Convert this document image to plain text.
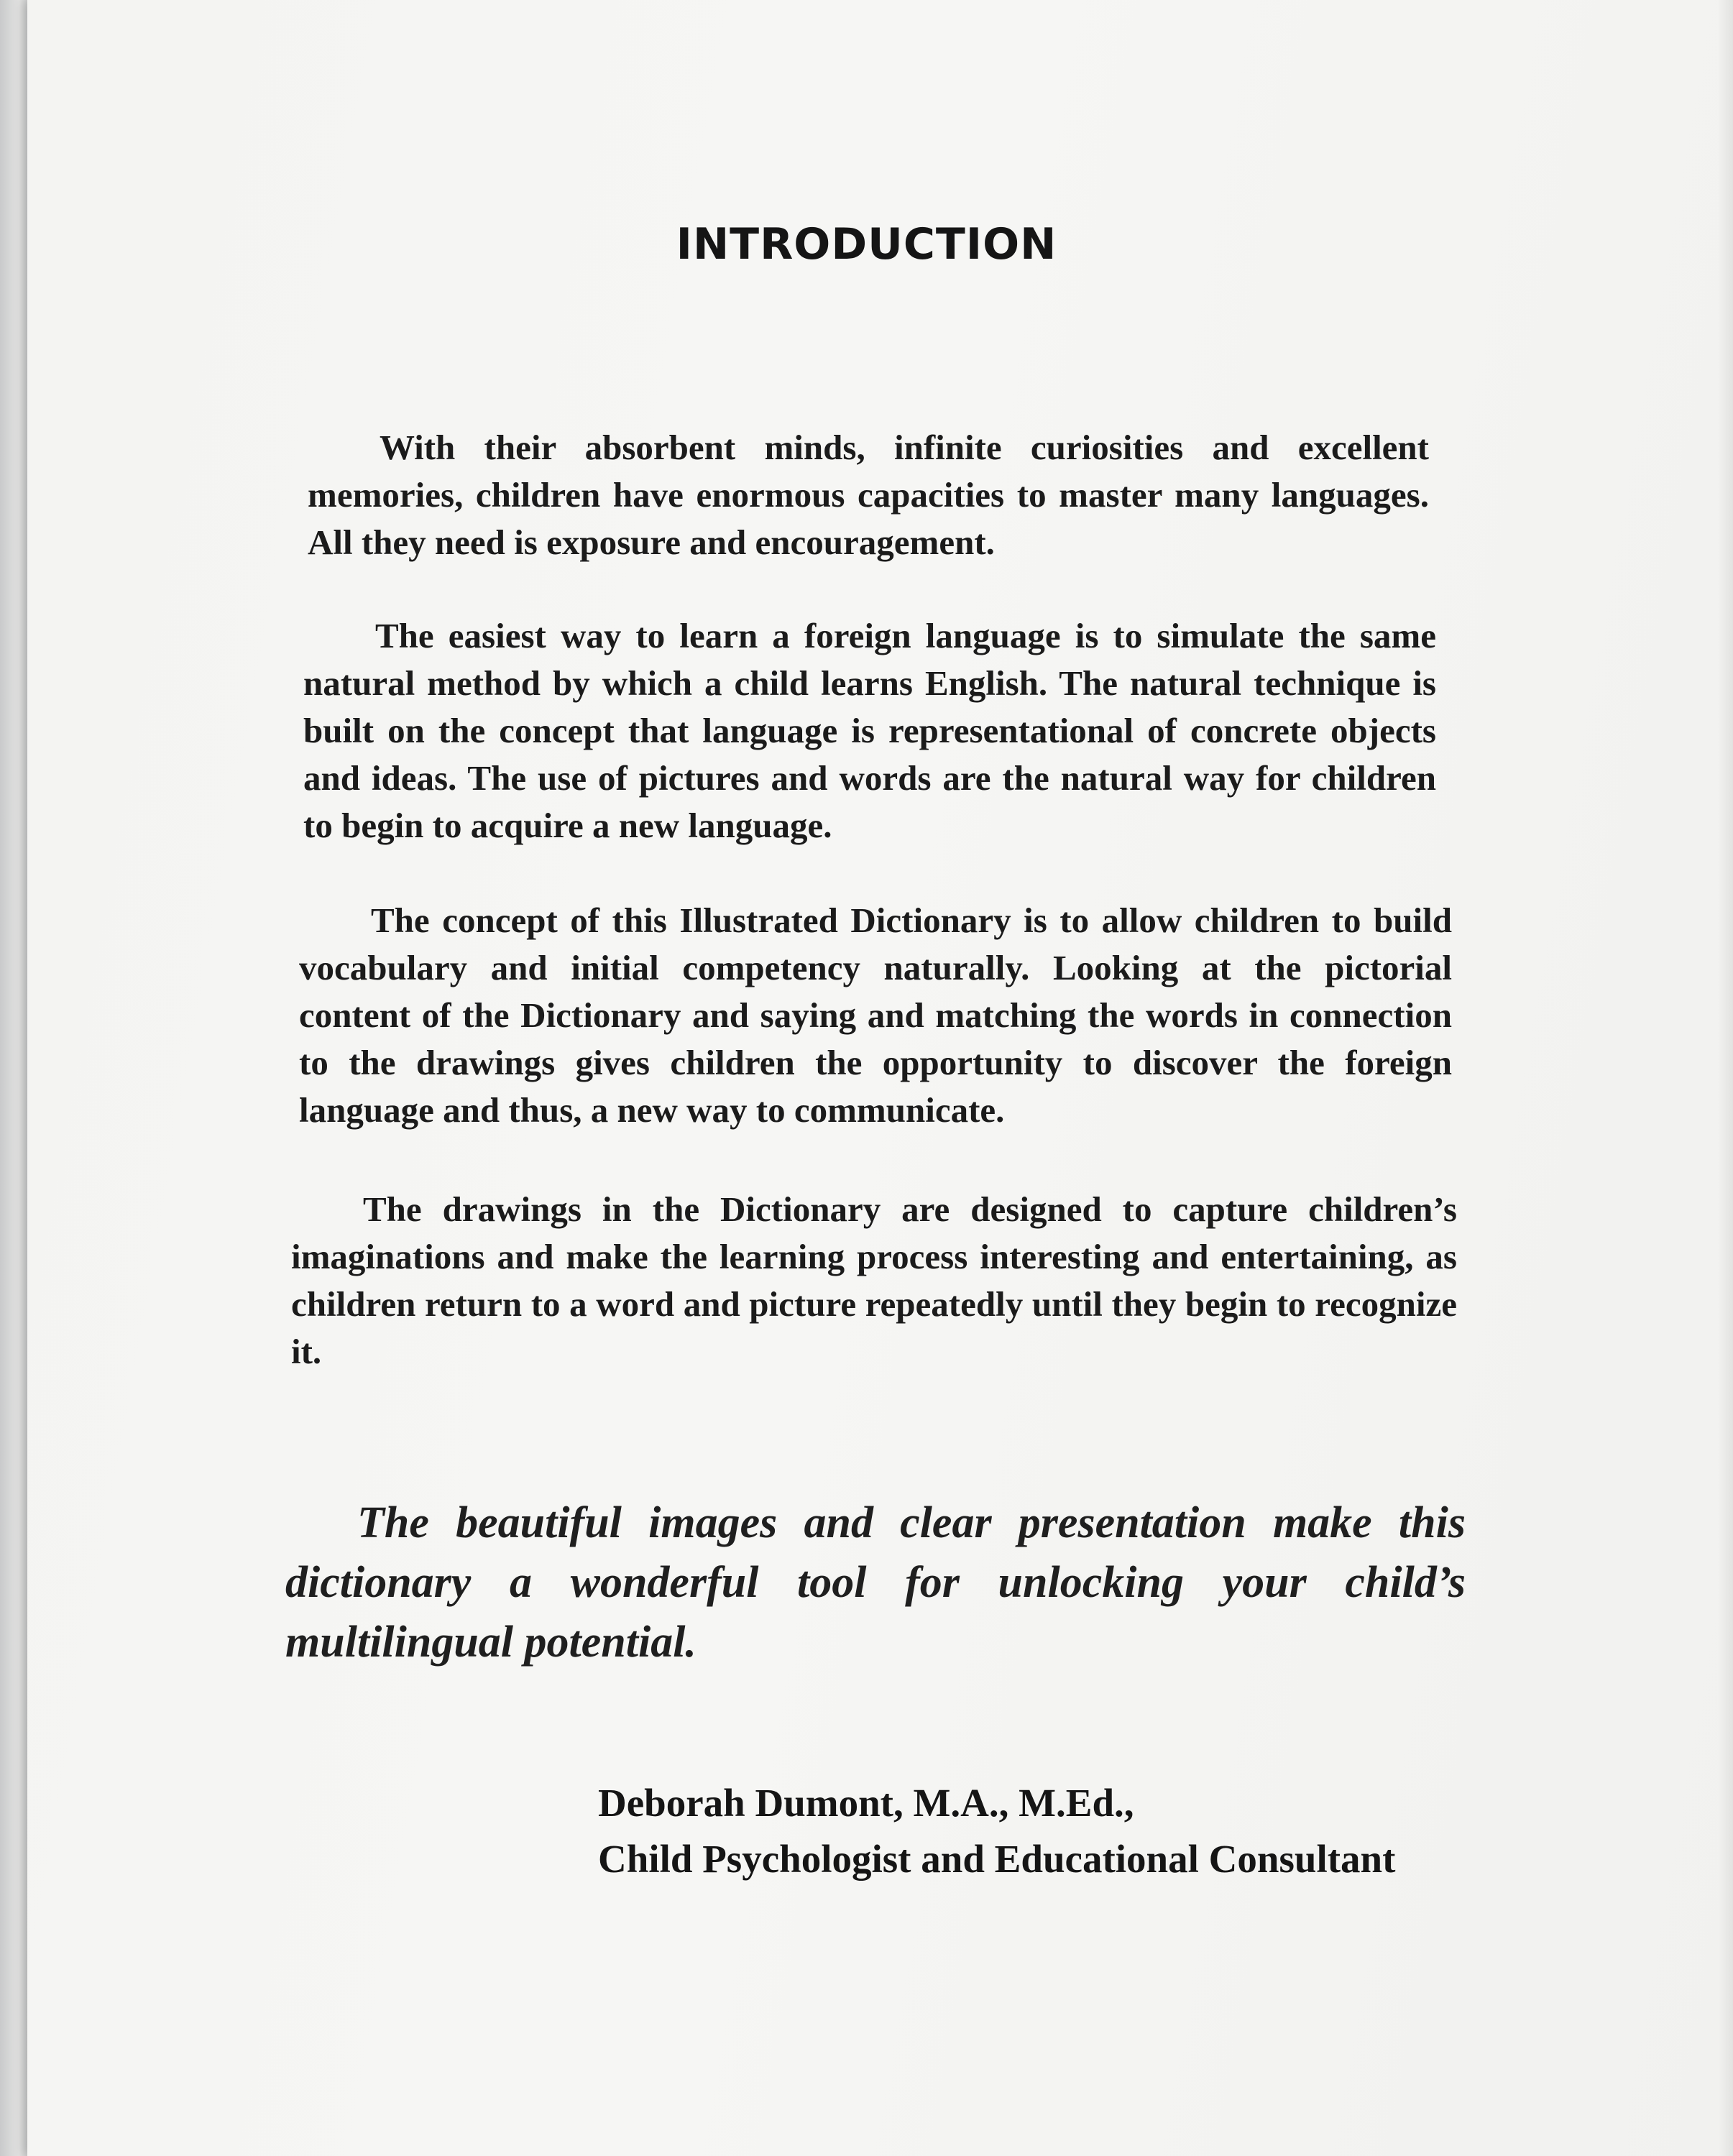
INTRODUCTION

With their absorbent minds, infinite curiosities and excellent memories, children have enormous capacities to master many languages. All they need is exposure and encouragement.

The easiest way to learn a foreign language is to simulate the same natural method by which a child learns English. The natural technique is built on the concept that language is representational of concrete objects and ideas. The use of pictures and words are the natural way for children to begin to acquire a new language.

The concept of this Illustrated Dictionary is to allow children to build vocabulary and initial competency naturally. Looking at the pictorial content of the Dictionary and saying and matching the words in connection to the drawings gives children the opportunity to discover the foreign language and thus, a new way to communicate.

The drawings in the Dictionary are designed to capture children’s imaginations and make the learning process interesting and entertaining, as children return to a word and picture repeatedly until they begin to recognize it.

The beautiful images and clear presentation make this dictionary a wonderful tool for unlocking your child’s multilingual potential.
Deborah Dumont, M.A., M.Ed.,
Child Psychologist and Educational Consultant
